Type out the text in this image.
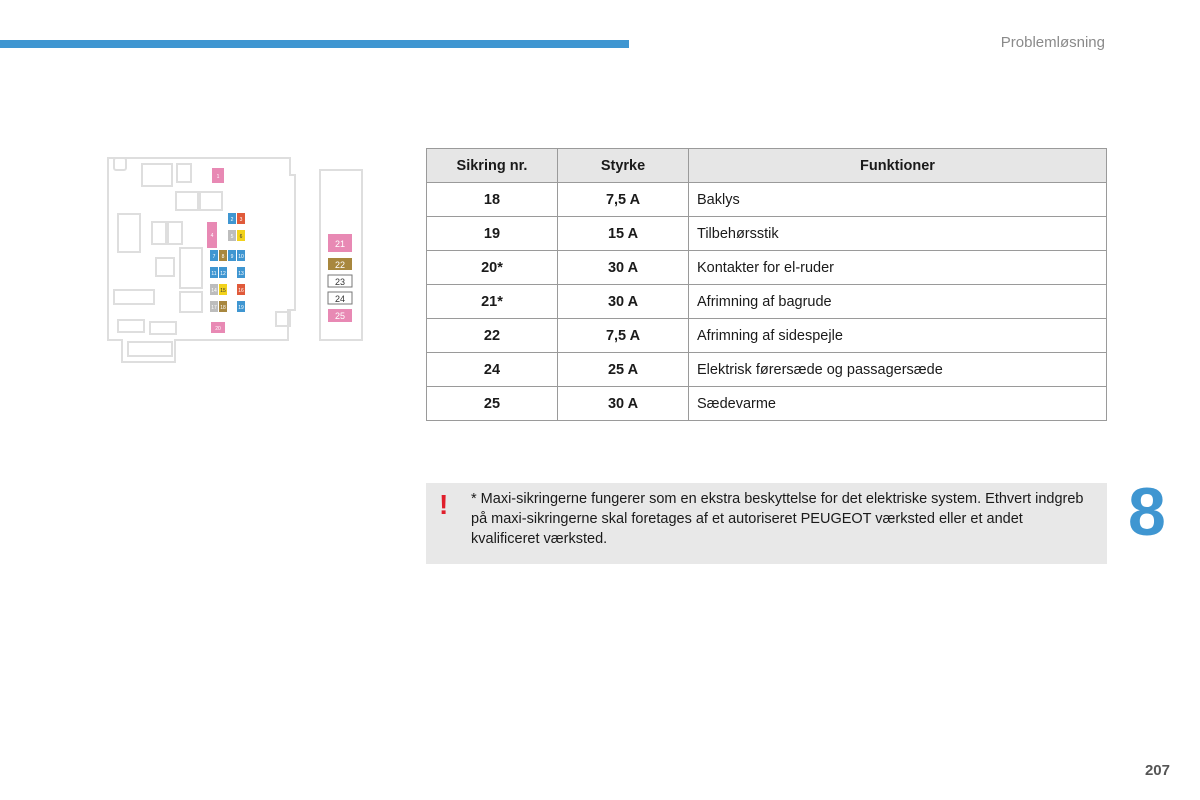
Problemløsning
1
2 3
4	5 6
7 8 9 10
11 12 13
14 15 16
17 18 19
20
21
22
23
24
25
Sikring nr.	Styrke	Funktioner
18	7,5 A	Baklys
19	15 A	Tilbehørsstik
20*	30 A	Kontakter for el-ruder
21*	30 A	Afrimning af bagrude
22	7,5 A	Afrimning af sidespejle
24	25 A	Elektrisk førersæde og passagersæde
25	30 A	Sædevarme
! * Maxi-sikringerne fungerer som en ekstra beskyttelse for det elektriske system. Ethvert indgreb på maxi-sikringerne skal foretages af et autoriseret PEUGEOT værksted eller et andet kvalificeret værksted.	8
207
